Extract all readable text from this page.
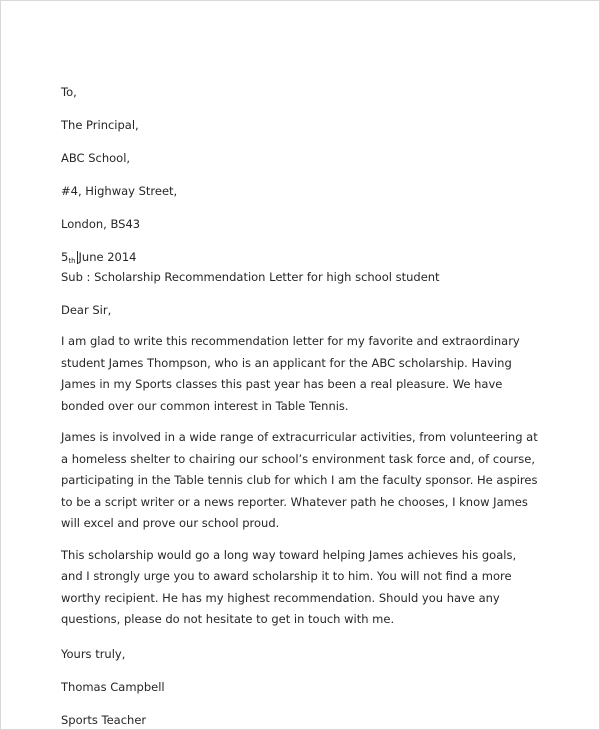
To,

The Principal,

ABC School,

#4, Highway Street,

London, BS43

5th June 2014

Sub : Scholarship Recommendation Letter for high school student

Dear Sir,

I am glad to write this recommendation letter for my favorite and extraordinary student James Thompson, who is an applicant for the ABC scholarship. Having James in my Sports classes this past year has been a real pleasure. We have bonded over our common interest in Table Tennis.

James is involved in a wide range of extracurricular activities, from volunteering at a homeless shelter to chairing our school’s environment task force and, of course, participating in the Table tennis club for which I am the faculty sponsor. He aspires to be a script writer or a news reporter. Whatever path he chooses, I know James will excel and prove our school proud.

This scholarship would go a long way toward helping James achieves his goals, and I strongly urge you to award scholarship it to him. You will not find a more worthy recipient. He has my highest recommendation. Should you have any questions, please do not hesitate to get in touch with me.

Yours truly,

Thomas Campbell

Sports Teacher
